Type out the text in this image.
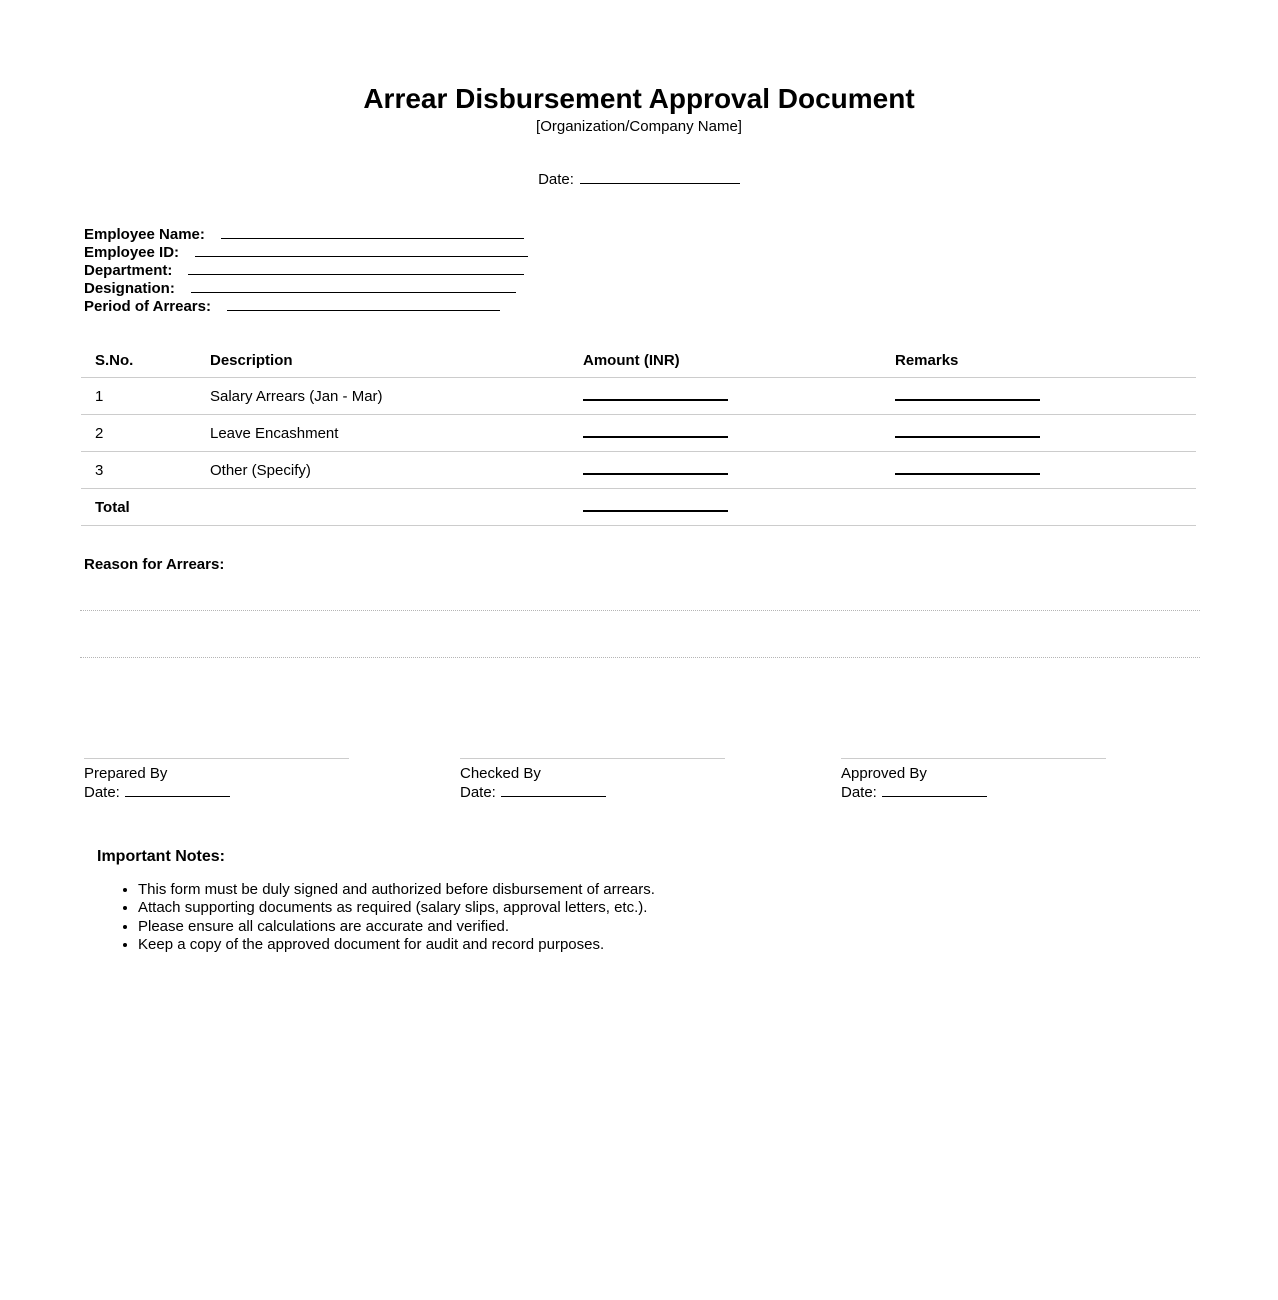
Arrear Disbursement Approval Document
[Organization/Company Name]
Date:
Employee Name:
Employee ID:
Department:
Designation:
Period of Arrears:
S.No.	Description	Amount (INR)	Remarks
1	Salary Arrears (Jan - Mar)		
2	Leave Encashment		
3	Other (Specify)		
Total			
Reason for Arrears:
Prepared By
Date:
Checked By
Date:
Approved By
Date:
Important Notes:
• This form must be duly signed and authorized before disbursement of arrears.
• Attach supporting documents as required (salary slips, approval letters, etc.).
• Please ensure all calculations are accurate and verified.
• Keep a copy of the approved document for audit and record purposes.
